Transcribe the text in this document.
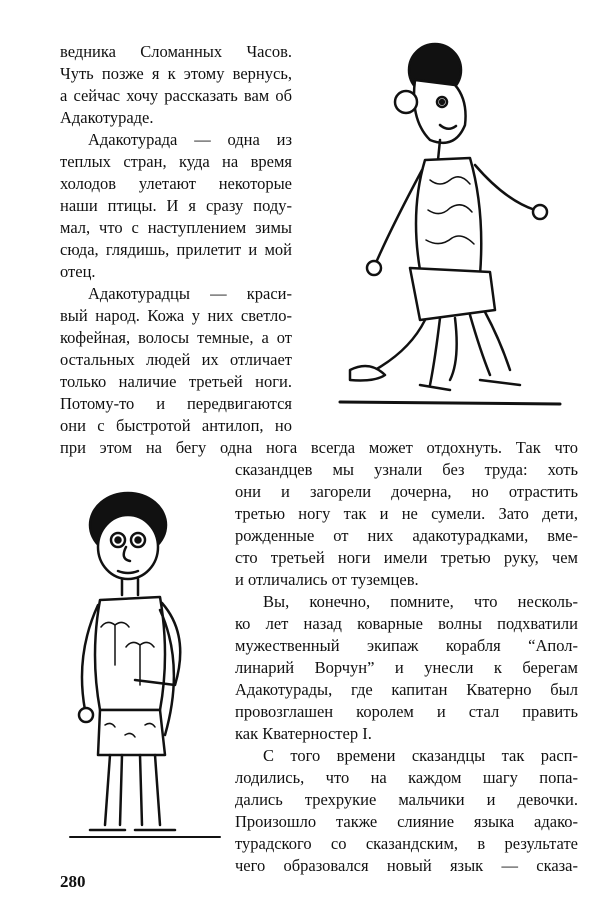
ведника Сломанных Часов.
Чуть позже я к этому вернусь,
а сейчас хочу рассказать вам об
Адакотураде.
Адакотурада — одна из
теплых стран, куда на время
холодов улетают некоторые
наши птицы. И я сразу поду-
мал, что с наступлением зимы
сюда, глядишь, прилетит и мой
отец.
Адакотурадцы — краси-
вый народ. Кожа у них светло-
кофейная, волосы темные, а от
остальных людей их отличает
только наличие третьей ноги.
Потому-то и передвигаются
они с быстротой антилоп, но
при этом на бегу одна нога всегда может отдохнуть. Так что
сказандцев мы узнали без труда: хоть
они и загорели дочерна, но отрастить
третью ногу так и не сумели. Зато дети,
рожденные от них адакотурадками, вме-
сто третьей ноги имели третью руку, чем
и отличались от туземцев.
Вы, конечно, помните, что несколь-
ко лет назад коварные волны подхватили
мужественный экипаж корабля “Апол-
линарий Ворчун” и унесли к берегам
Адакотурады, где капитан Кватерно был
провозглашен королем и стал править
как Кватерностер I.
С того времени сказандцы так расп-
лодились, что на каждом шагу попа-
дались трехрукие мальчики и девочки.
Произошло также слияние языка адако-
турадского со сказандским, в результате
чего образовался новый язык — сказа-
280
